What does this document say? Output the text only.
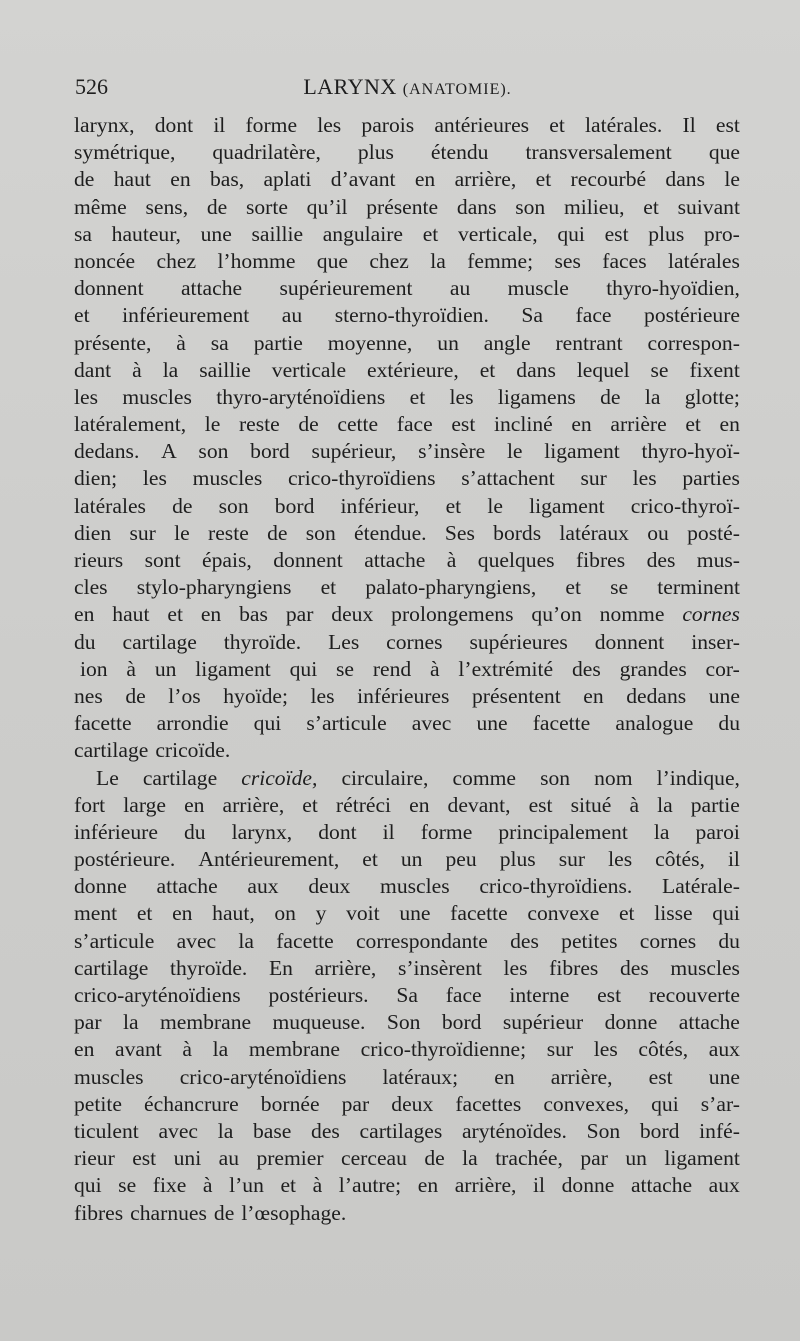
526	LARYNX (ANATOMIE).
larynx, dont il forme les parois antérieures et latérales. Il est
symétrique, quadrilatère, plus étendu transversalement que
de haut en bas, aplati d’avant en arrière, et recourbé dans le
même sens, de sorte qu’il présente dans son milieu, et suivant
sa hauteur, une saillie angulaire et verticale, qui est plus pro-
noncée chez l’homme que chez la femme; ses faces latérales
donnent attache supérieurement au muscle thyro-hyoïdien,
et inférieurement au sterno-thyroïdien. Sa face postérieure
présente, à sa partie moyenne, un angle rentrant correspon-
dant à la saillie verticale extérieure, et dans lequel se fixent
les muscles thyro-aryténoïdiens et les ligamens de la glotte;
latéralement, le reste de cette face est incliné en arrière et en
dedans. A son bord supérieur, s’insère le ligament thyro-hyoï-
dien; les muscles crico-thyroïdiens s’attachent sur les parties
latérales de son bord inférieur, et le ligament crico-thyroï-
dien sur le reste de son étendue. Ses bords latéraux ou posté-
rieurs sont épais, donnent attache à quelques fibres des mus-
cles stylo-pharyngiens et palato-pharyngiens, et se terminent
en haut et en bas par deux prolongemens qu’on nomme cornes
du cartilage thyroïde. Les cornes supérieures donnent inser-
ion à un ligament qui se rend à l’extrémité des grandes cor-
nes de l’os hyoïde; les inférieures présentent en dedans une
facette arrondie qui s’articule avec une facette analogue du
cartilage cricoïde.
Le cartilage cricoïde, circulaire, comme son nom l’indique,
fort large en arrière, et rétréci en devant, est situé à la partie
inférieure du larynx, dont il forme principalement la paroi
postérieure. Antérieurement, et un peu plus sur les côtés, il
donne attache aux deux muscles crico-thyroïdiens. Latérale-
ment et en haut, on y voit une facette convexe et lisse qui
s’articule avec la facette correspondante des petites cornes du
cartilage thyroïde. En arrière, s’insèrent les fibres des muscles
crico-aryténoïdiens postérieurs. Sa face interne est recouverte
par la membrane muqueuse. Son bord supérieur donne attache
en avant à la membrane crico-thyroïdienne; sur les côtés, aux
muscles crico-aryténoïdiens latéraux; en arrière, est une
petite échancrure bornée par deux facettes convexes, qui s’ar-
ticulent avec la base des cartilages aryténoïdes. Son bord infé-
rieur est uni au premier cerceau de la trachée, par un ligament
qui se fixe à l’un et à l’autre; en arrière, il donne attache aux
fibres charnues de l’œsophage.
